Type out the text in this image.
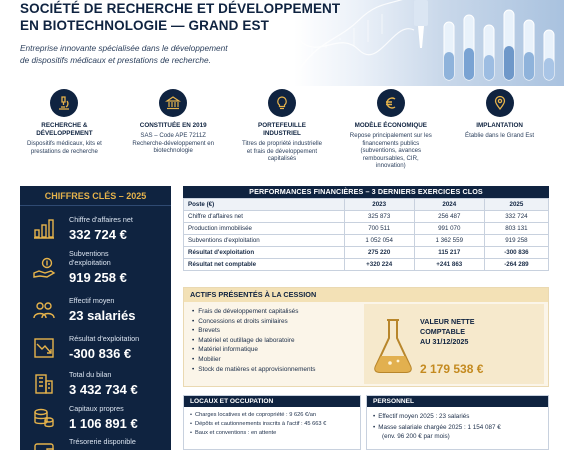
SOCIÉTÉ DE RECHERCHE ET DÉVELOPPEMENT
EN BIOTECHNOLOGIE — GRAND EST
Entreprise innovante spécialisée dans le développement
de dispositifs médicaux et prestations de recherche.
RECHERCHE &
DÉVELOPPEMENT
Dispositifs médicaux, kits et prestations de recherche
CONSTITUÉE EN 2019
SAS – Code APE 7211Z Recherche-développement en biotechnologie
PORTEFEUILLE
INDUSTRIEL
Titres de propriété industrielle et frais de développement capitalisés
MODÈLE ÉCONOMIQUE
Repose principalement sur les financements publics (subventions, avances remboursables, CIR, innovation)
IMPLANTATION
Établie dans le Grand Est
CHIFFRES CLÉS – 2025
Chiffre d'affaires net
332 724 €
Subventions
d'exploitation
919 258 €
Effectif moyen
23 salariés
Résultat d'exploitation
-300 836 €
Total du bilan
3 432 734 €
Capitaux propres
1 106 891 €
Trésorerie disponible
PERFORMANCES FINANCIÈRES – 3 DERNIERS EXERCICES CLOS
Poste (€)	2023	2024	2025
Chiffre d'affaires net	325 873	256 487	332 724
Production immobilisée	700 511	991 070	803 131
Subventions d'exploitation	1 052 054	1 362 559	919 258
Résultat d'exploitation	275 220	115 217	-300 836
Résultat net comptable	+320 224	+241 863	-264 289
ACTIFS PRÉSENTÉS À LA CESSION
• Frais de développement capitalisés
• Concessions et droits similaires
• Brevets
• Matériel et outillage de laboratoire
• Matériel informatique
• Mobilier
• Stock de matières et approvisionnements
VALEUR NETTE
COMPTABLE
AU 31/12/2025
2 179 538 €
LOCAUX ET OCCUPATION
• Charges locatives et de copropriété : 9 626 €/an
• Dépôts et cautionnements inscrits à l'actif : 45 663 €
• Baux et conventions : en attente
PERSONNEL
• Effectif moyen 2025 : 23 salariés
• Masse salariale chargée 2025 : 1 154 087 €
(env. 96 200 € par mois)
